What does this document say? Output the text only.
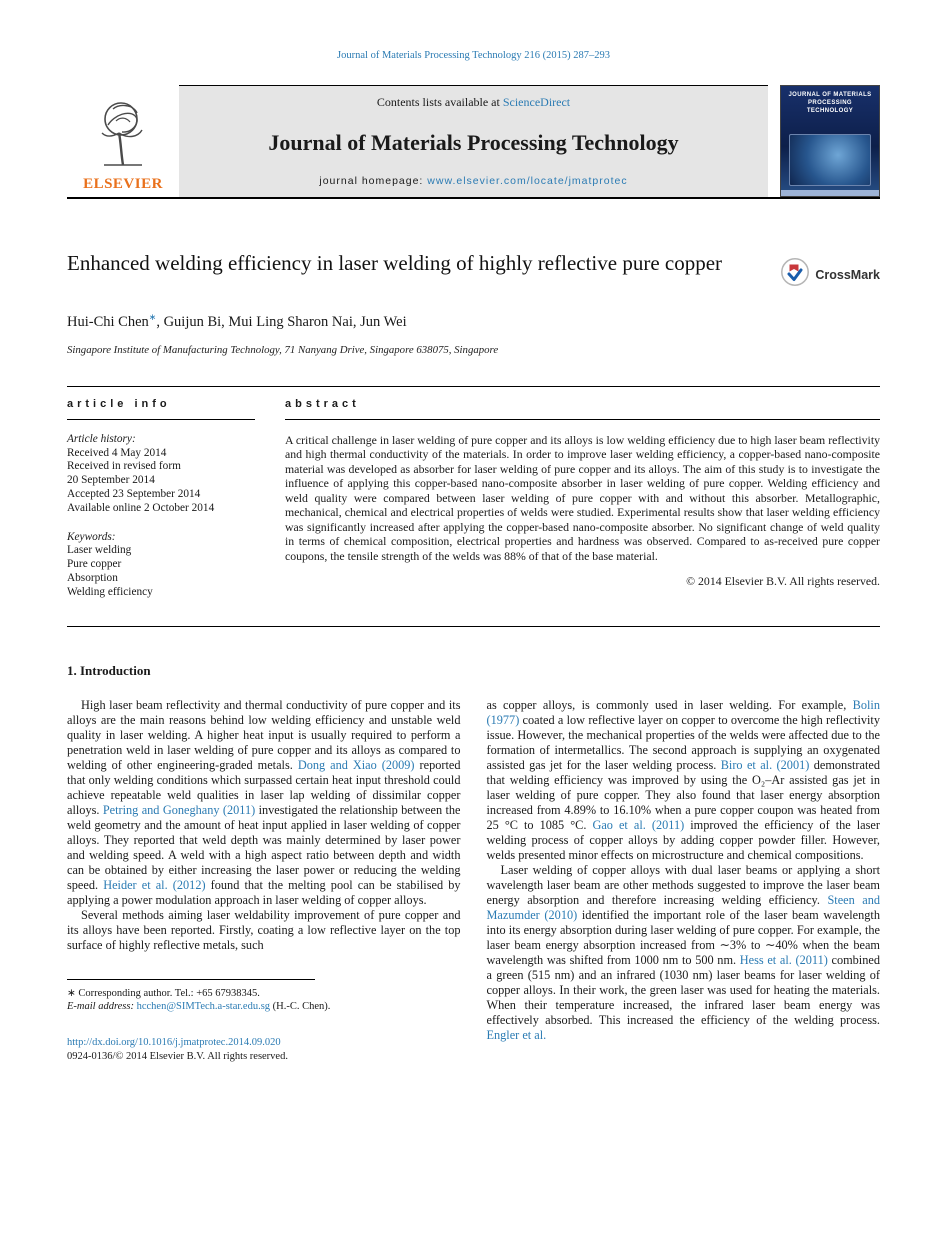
Journal of Materials Processing Technology 216 (2015) 287–293
ELSEVIER
Contents lists available at ScienceDirect
Journal of Materials Processing Technology
journal homepage: www.elsevier.com/locate/jmatprotec
JOURNAL OF MATERIALS PROCESSING TECHNOLOGY
Enhanced welding efficiency in laser welding of highly reflective pure copper	CrossMark
Hui-Chi Chen∗, Guijun Bi, Mui Ling Sharon Nai, Jun Wei
Singapore Institute of Manufacturing Technology, 71 Nanyang Drive, Singapore 638075, Singapore
article info
Article history:
Received 4 May 2014
Received in revised form
20 September 2014
Accepted 23 September 2014
Available online 2 October 2014
Keywords:
Laser welding
Pure copper
Absorption
Welding efficiency
abstract
A critical challenge in laser welding of pure copper and its alloys is low welding efficiency due to high laser beam reflectivity and high thermal conductivity of the materials. In order to improve laser welding efficiency, a copper-based nano-composite material was developed as absorber for laser welding of pure copper and its alloys. The aim of this study is to investigate the influence of applying this copper-based nano-composite absorber in laser welding of pure copper. Welding efficiency and weld quality were compared between laser welding of pure copper with and without this absorber. Metallographic, mechanical, chemical and electrical properties of welds were studied. Experimental results show that laser welding efficiency was significantly increased after applying the copper-based nano-composite absorber. No significant change of weld quality in terms of chemical composition, electrical properties and hardness was observed. Compared to as-received pure copper coupons, the tensile strength of the welds was 88% of that of the base material.
© 2014 Elsevier B.V. All rights reserved.
1. Introduction

High laser beam reflectivity and thermal conductivity of pure copper and its alloys are the main reasons behind low welding efficiency and unstable weld quality in laser welding. A higher heat input is usually required to perform a penetration weld in laser welding of pure copper and its alloys as compared to welding of other engineering-graded metals. Dong and Xiao (2009) reported that only welding conditions which surpassed certain heat input threshold could achieve repeatable weld qualities in laser lap welding of dissimilar copper alloys. Petring and Goneghany (2011) investigated the relationship between the weld geometry and the amount of heat input applied in laser welding of copper alloys. They reported that weld depth was mainly determined by laser power and welding speed. A weld with a high aspect ratio between depth and width can be obtained by either increasing the laser power or reducing the welding speed. Heider et al. (2012) found that the melting pool can be stabilised by applying a power modulation approach in laser welding of copper alloys.

Several methods aiming laser weldability improvement of pure copper and its alloys have been reported. Firstly, coating a low reflective layer on the top surface of highly reflective metals, such

∗ Corresponding author. Tel.: +65 67938345.
E-mail address: hcchen@SIMTech.a-star.edu.sg (H.-C. Chen).
http://dx.doi.org/10.1016/j.jmatprotec.2014.09.020
0924-0136/© 2014 Elsevier B.V. All rights reserved.

as copper alloys, is commonly used in laser welding. For example, Bolin (1977) coated a low reflective layer on copper to overcome the high reflectivity issue. However, the mechanical properties of the welds were affected due to the formation of intermetallics. The second approach is supplying an oxygenated assisted gas jet for the laser welding process. Biro et al. (2001) demonstrated that welding efficiency was improved by using the O₂–Ar assisted gas jet in laser welding of pure copper. They also found that laser energy absorption increased from 4.89% to 16.10% when a pure copper coupon was heated from 25 °C to 1085 °C. Gao et al. (2011) improved the efficiency of the laser welding process of copper alloys by adding copper powder filler. However, welds presented minor effects on microstructure and chemical compositions.

Laser welding of copper alloys with dual laser beams or applying a short wavelength laser beam are other methods suggested to improve the laser beam energy absorption and therefore increasing welding efficiency. Steen and Mazumder (2010) identified the important role of the laser beam wavelength into its energy absorption during laser welding of pure copper. For example, the laser beam energy absorption increased from ∼3% to ∼40% when the beam wavelength was shifted from 1000 nm to 500 nm. Hess et al. (2011) combined a green (515 nm) and an infrared (1030 nm) laser beams for laser welding of copper alloys. In their work, the green laser was used for heating the materials. When their temperature increased, the infrared laser beam energy was effectively absorbed. This increased the efficiency of the welding process. Engler et al.
